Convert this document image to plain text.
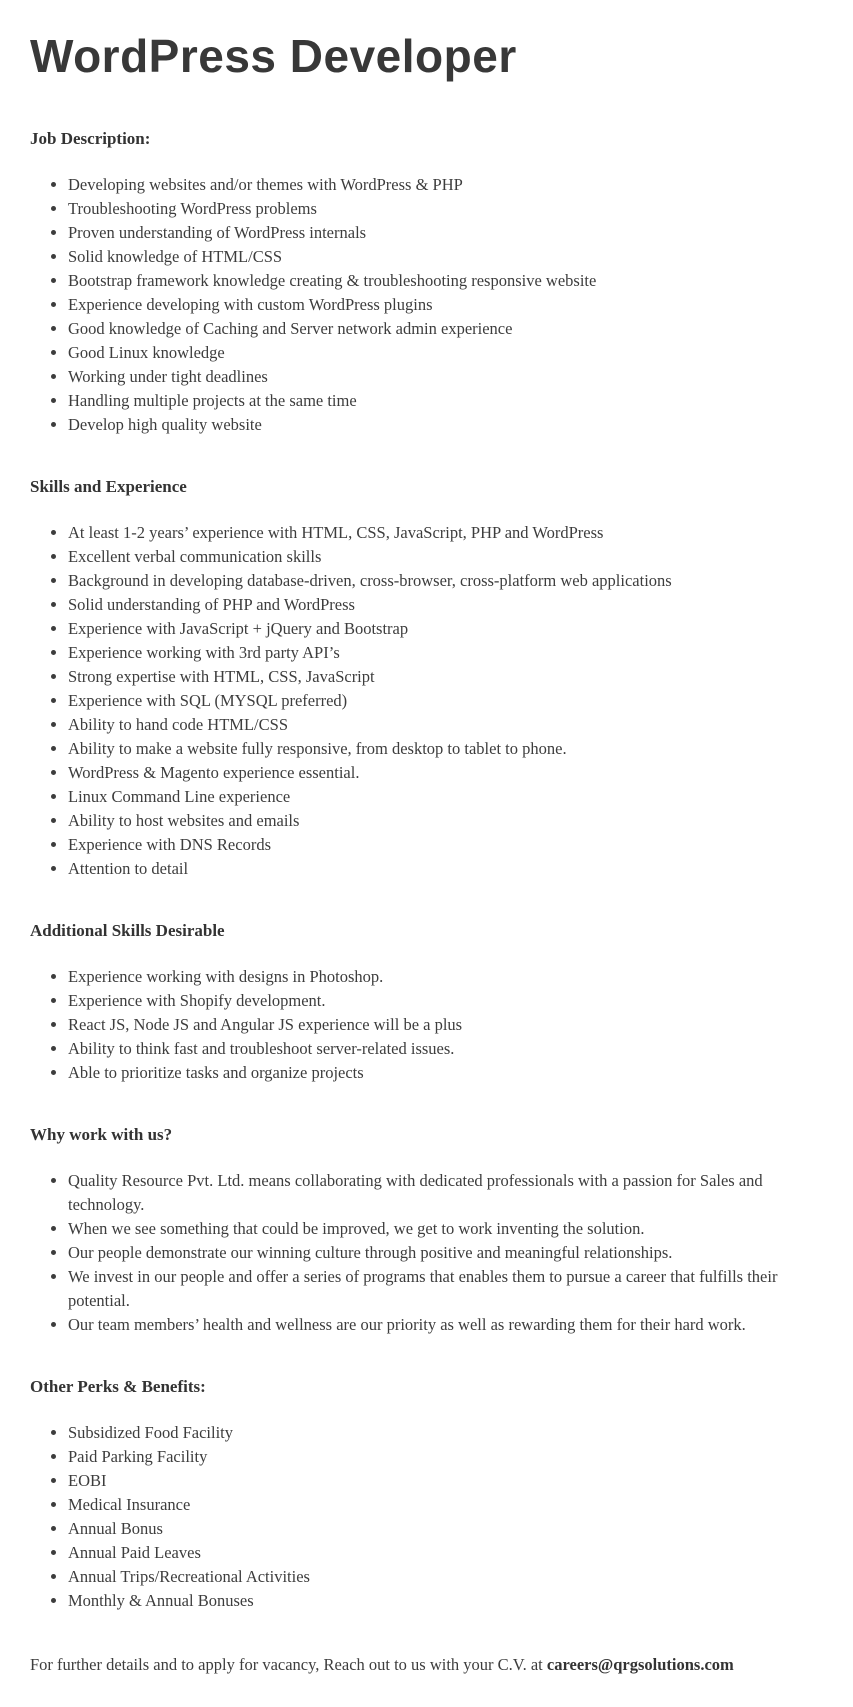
WordPress Developer
Job Description:
• Developing websites and/or themes with WordPress & PHP
• Troubleshooting WordPress problems
• Proven understanding of WordPress internals
• Solid knowledge of HTML/CSS
• Bootstrap framework knowledge creating & troubleshooting responsive website
• Experience developing with custom WordPress plugins
• Good knowledge of Caching and Server network admin experience
• Good Linux knowledge
• Working under tight deadlines
• Handling multiple projects at the same time
• Develop high quality website
Skills and Experience
• At least 1-2 years’ experience with HTML, CSS, JavaScript, PHP and WordPress
• Excellent verbal communication skills
• Background in developing database-driven, cross-browser, cross-platform web applications
• Solid understanding of PHP and WordPress
• Experience with JavaScript + jQuery and Bootstrap
• Experience working with 3rd party API’s
• Strong expertise with HTML, CSS, JavaScript
• Experience with SQL (MYSQL preferred)
• Ability to hand code HTML/CSS
• Ability to make a website fully responsive, from desktop to tablet to phone.
• WordPress & Magento experience essential.
• Linux Command Line experience
• Ability to host websites and emails
• Experience with DNS Records
• Attention to detail
Additional Skills Desirable
• Experience working with designs in Photoshop.
• Experience with Shopify development.
• React JS, Node JS and Angular JS experience will be a plus
• Ability to think fast and troubleshoot server-related issues.
• Able to prioritize tasks and organize projects
Why work with us?
• Quality Resource Pvt. Ltd. means collaborating with dedicated professionals with a passion for Sales and technology.
• When we see something that could be improved, we get to work inventing the solution.
• Our people demonstrate our winning culture through positive and meaningful relationships.
• We invest in our people and offer a series of programs that enables them to pursue a career that fulfills their potential.
• Our team members’ health and wellness are our priority as well as rewarding them for their hard work.
Other Perks & Benefits:
• Subsidized Food Facility
• Paid Parking Facility
• EOBI
• Medical Insurance
• Annual Bonus
• Annual Paid Leaves
• Annual Trips/Recreational Activities
• Monthly & Annual Bonuses

For further details and to apply for vacancy, Reach out to us with your C.V. at careers@qrgsolutions.com
